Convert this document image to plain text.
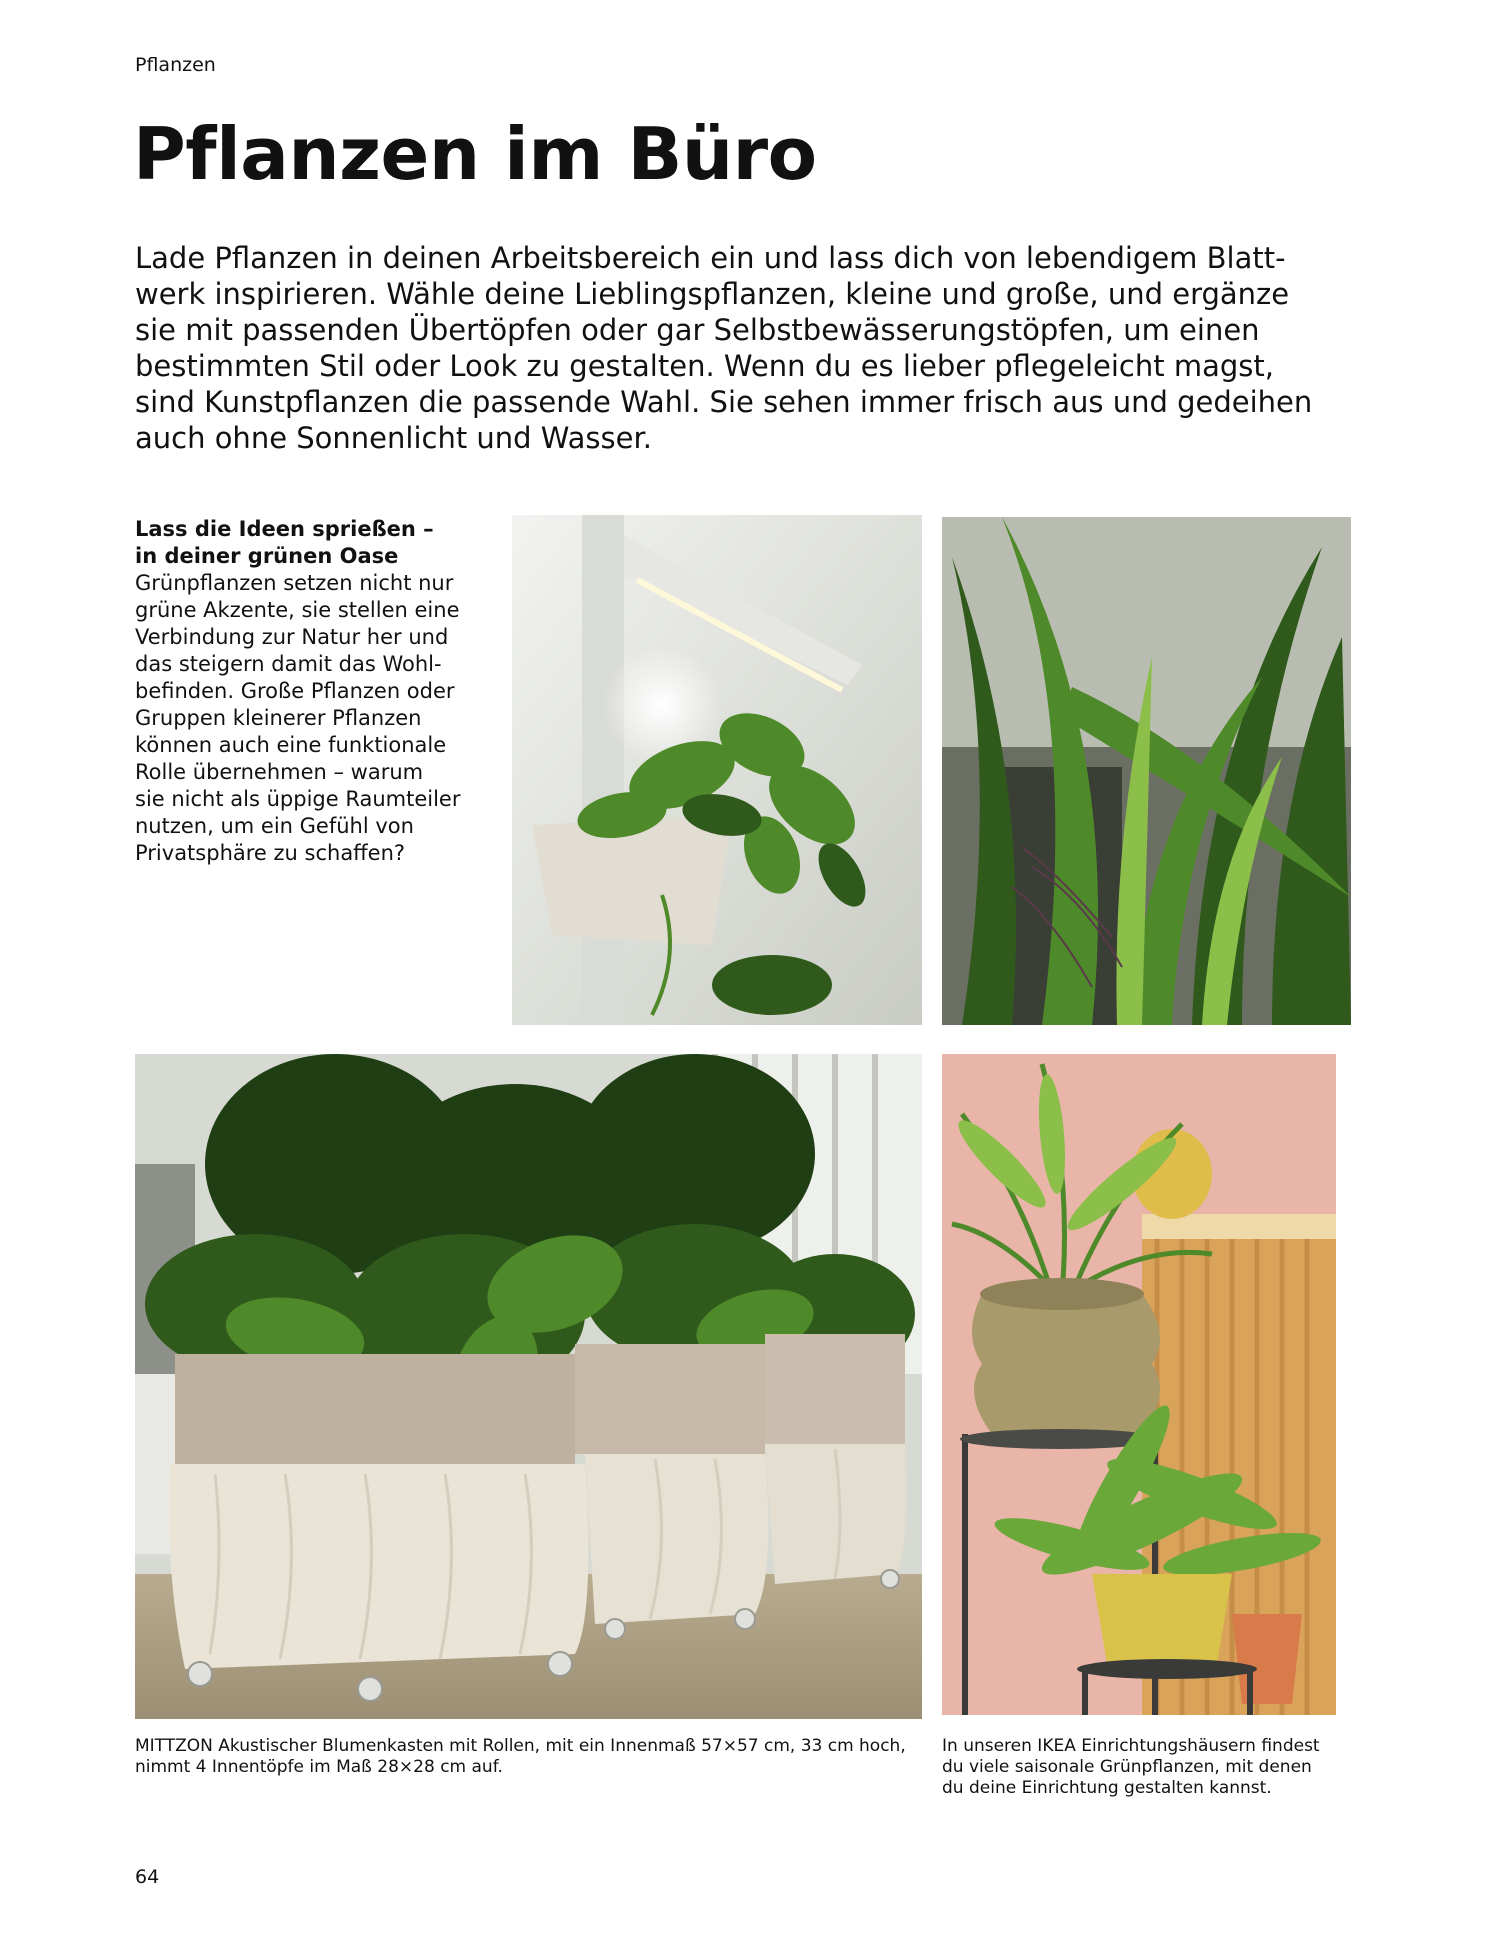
Pflanzen
Pflanzen im Büro

Lade Pflanzen in deinen Arbeitsbereich ein und lass dich von lebendigem Blatt-
werk inspirieren. Wähle deine Lieblingspflanzen, kleine und große, und ergänze
sie mit passenden Übertöpfen oder gar Selbstbewässerungstöpfen, um einen
bestimmten Stil oder Look zu gestalten. Wenn du es lieber pflegeleicht magst,
sind Kunstpflanzen die passende Wahl. Sie sehen immer frisch aus und gedeihen
auch ohne Sonnenlicht und Wasser.

Lass die Ideen sprießen –
in deiner grünen Oase
Grünpflanzen setzen nicht nur
grüne Akzente, sie stellen eine
Verbindung zur Natur her und
das steigern damit das Wohl-
befinden. Große Pflanzen oder
Gruppen kleinerer Pflanzen
können auch eine funktionale
Rolle übernehmen – warum
sie nicht als üppige Raumteiler
nutzen, um ein Gefühl von
Privatsphäre zu schaffen?
MITTZON Akustischer Blumenkasten mit Rollen, mit ein Innenmaß 57×57 cm, 33 cm hoch,
nimmt 4 Innentöpfe im Maß 28×28 cm auf.
In unseren IKEA Einrichtungshäusern findest
du viele saisonale Grünpflanzen, mit denen
du deine Einrichtung gestalten kannst.
64
